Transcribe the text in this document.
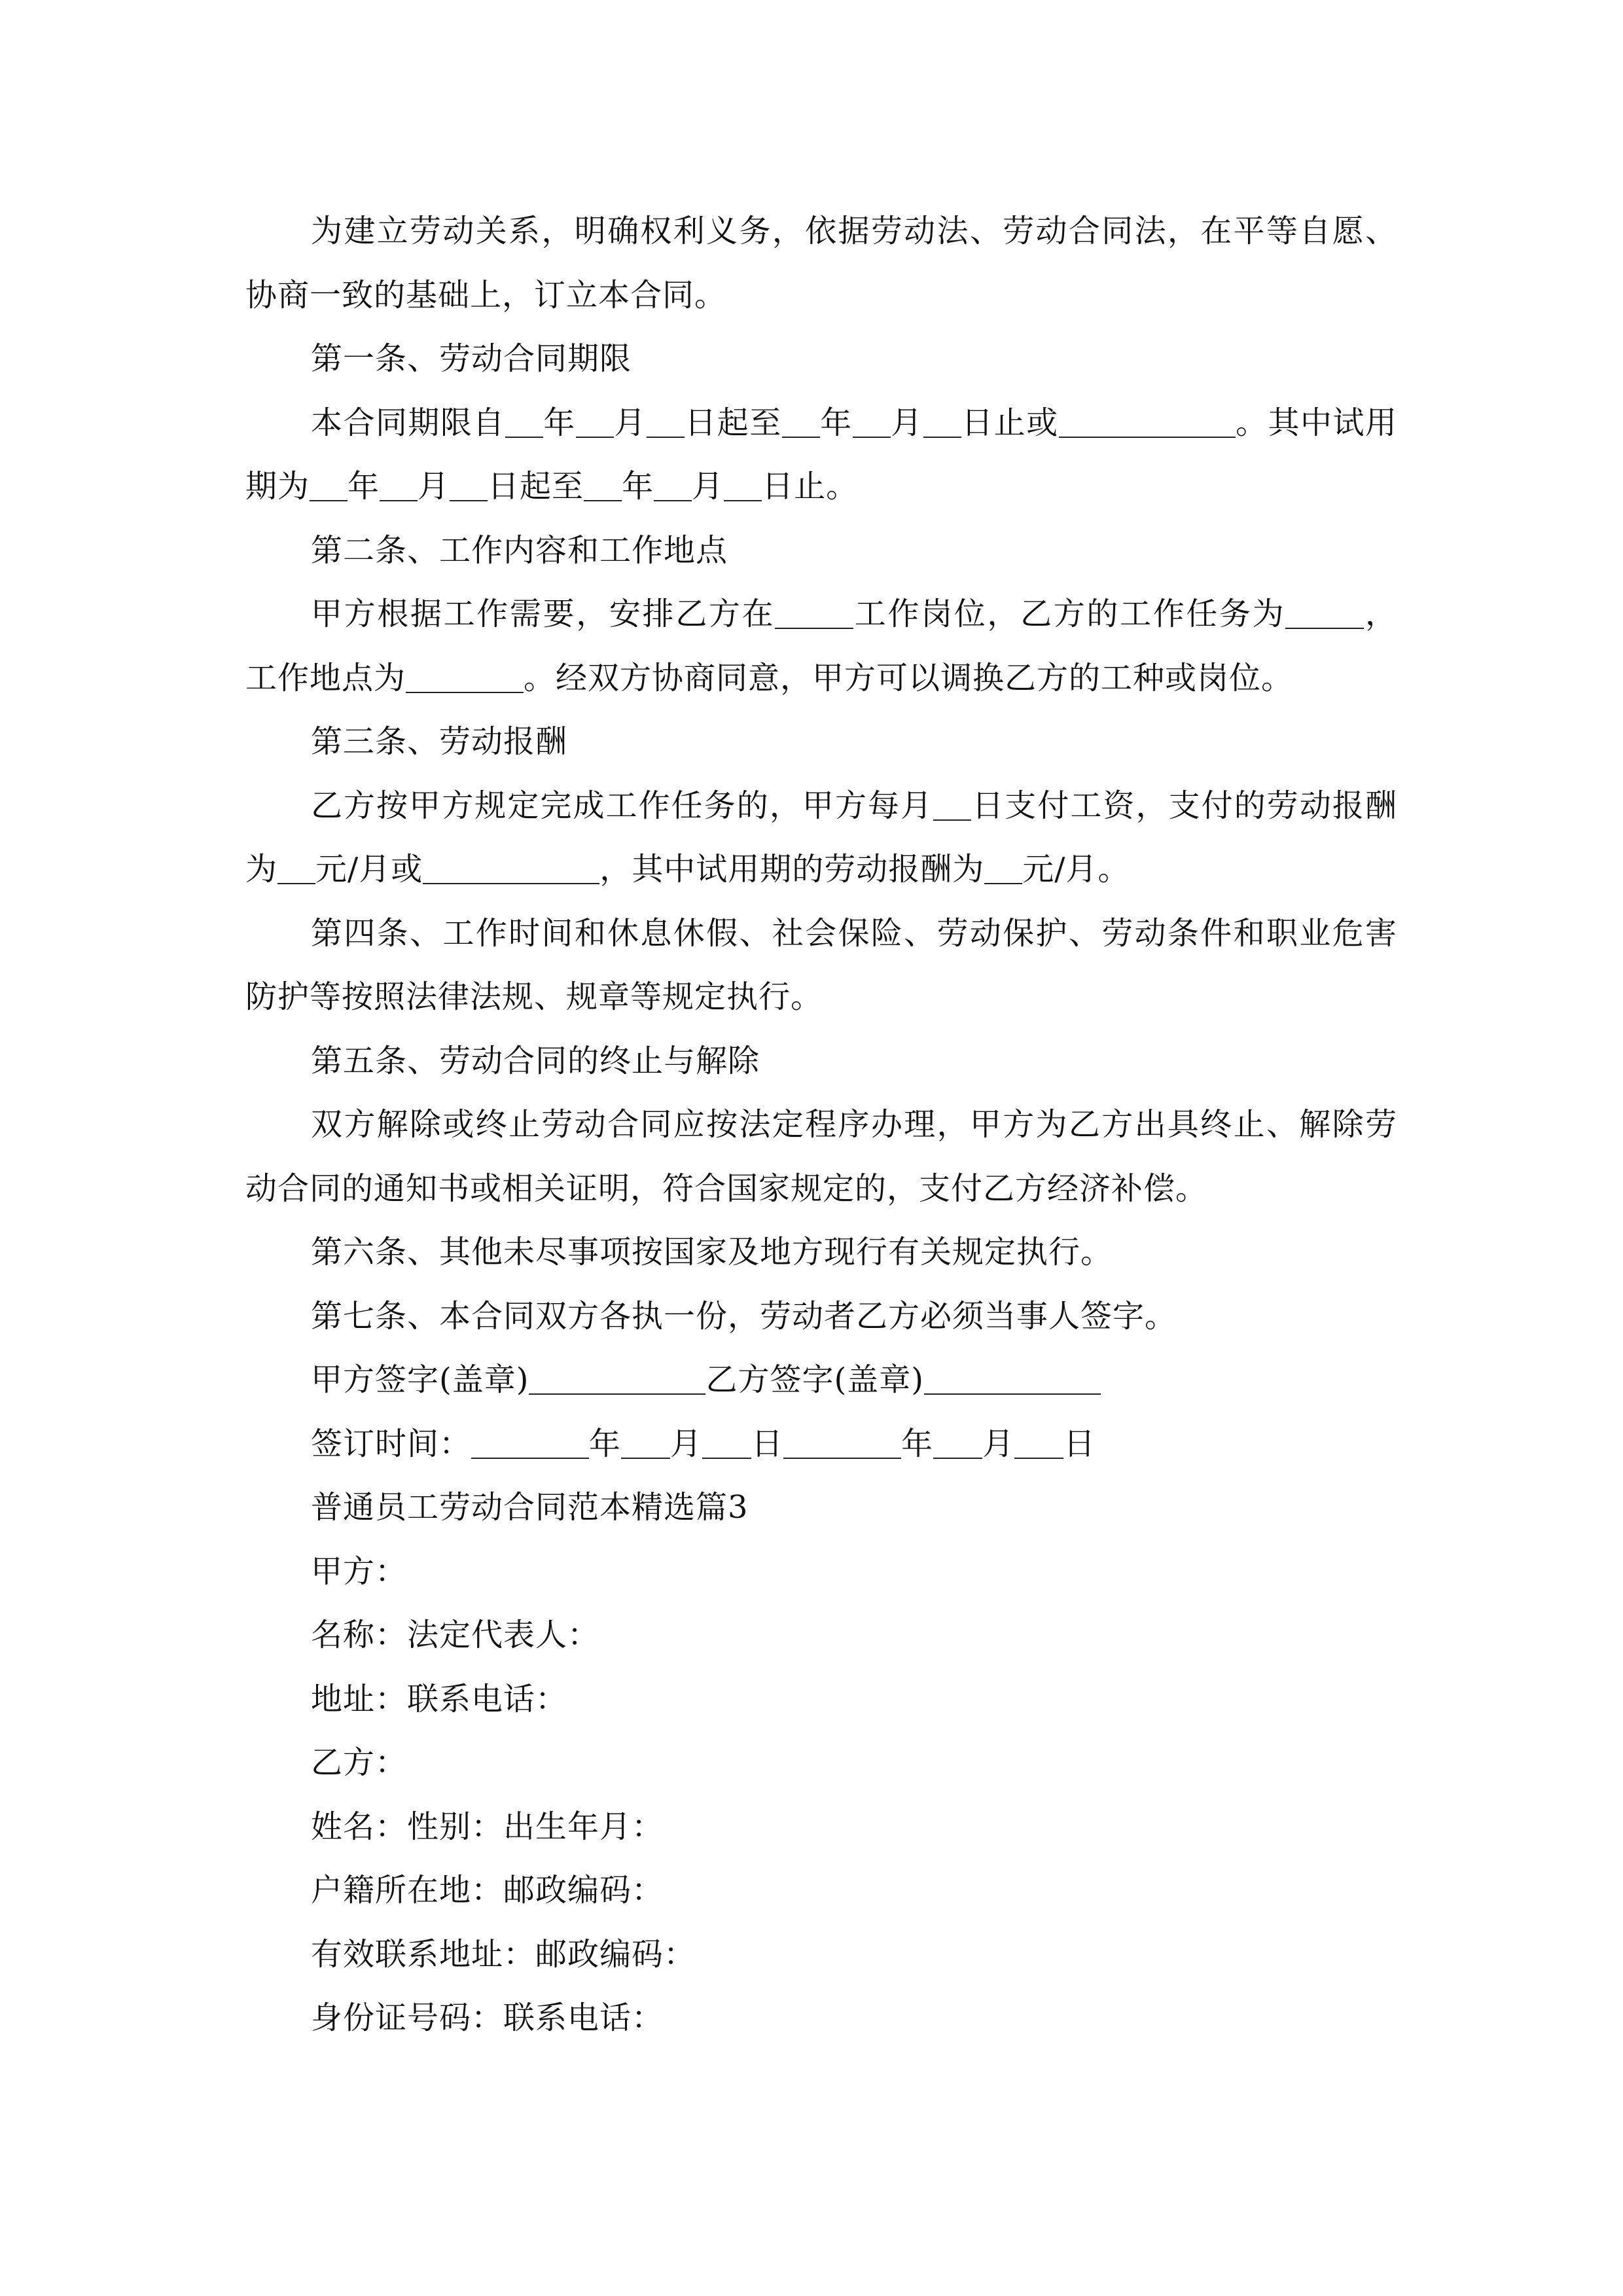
为建立劳动关系，明确权利义务，依据劳动法、劳动合同法，在平等自愿、协商一致的基础上，订立本合同。

第一条、劳动合同期限

本合同期限自 年 月 日起至 年 月 日止或	。其中试用期为 年 月 日起至 年 月 日止。

第二条、工作内容和工作地点

甲方根据工作需要，安排乙方在	工作岗位，乙方的工作任务为	，工作地点为	。经双方协商同意，甲方可以调换乙方的工种或岗位。

第三条、劳动报酬

乙方按甲方规定完成工作任务的，甲方每月 日支付工资，支付的劳动报酬为 元/月或	，其中试用期的劳动报酬为 元/月。

第四条、工作时间和休息休假、社会保险、劳动保护、劳动条件和职业危害防护等按照法律法规、规章等规定执行。

第五条、劳动合同的终止与解除

双方解除或终止劳动合同应按法定程序办理，甲方为乙方出具终止、解除劳动合同的通知书或相关证明，符合国家规定的，支付乙方经济补偿。

第六条、其他未尽事项按国家及地方现行有关规定执行。

第七条、本合同双方各执一份，劳动者乙方必须当事人签字。

甲方签字(盖章)	乙方签字(盖章)

签订时间：	年 月 日	年 月 日

普通员工劳动合同范本精选篇3

甲方：

名称：法定代表人：

地址：联系电话：

乙方：

姓名：性别：出生年月：

户籍所在地：邮政编码：

有效联系地址：邮政编码：

身份证号码：联系电话：
